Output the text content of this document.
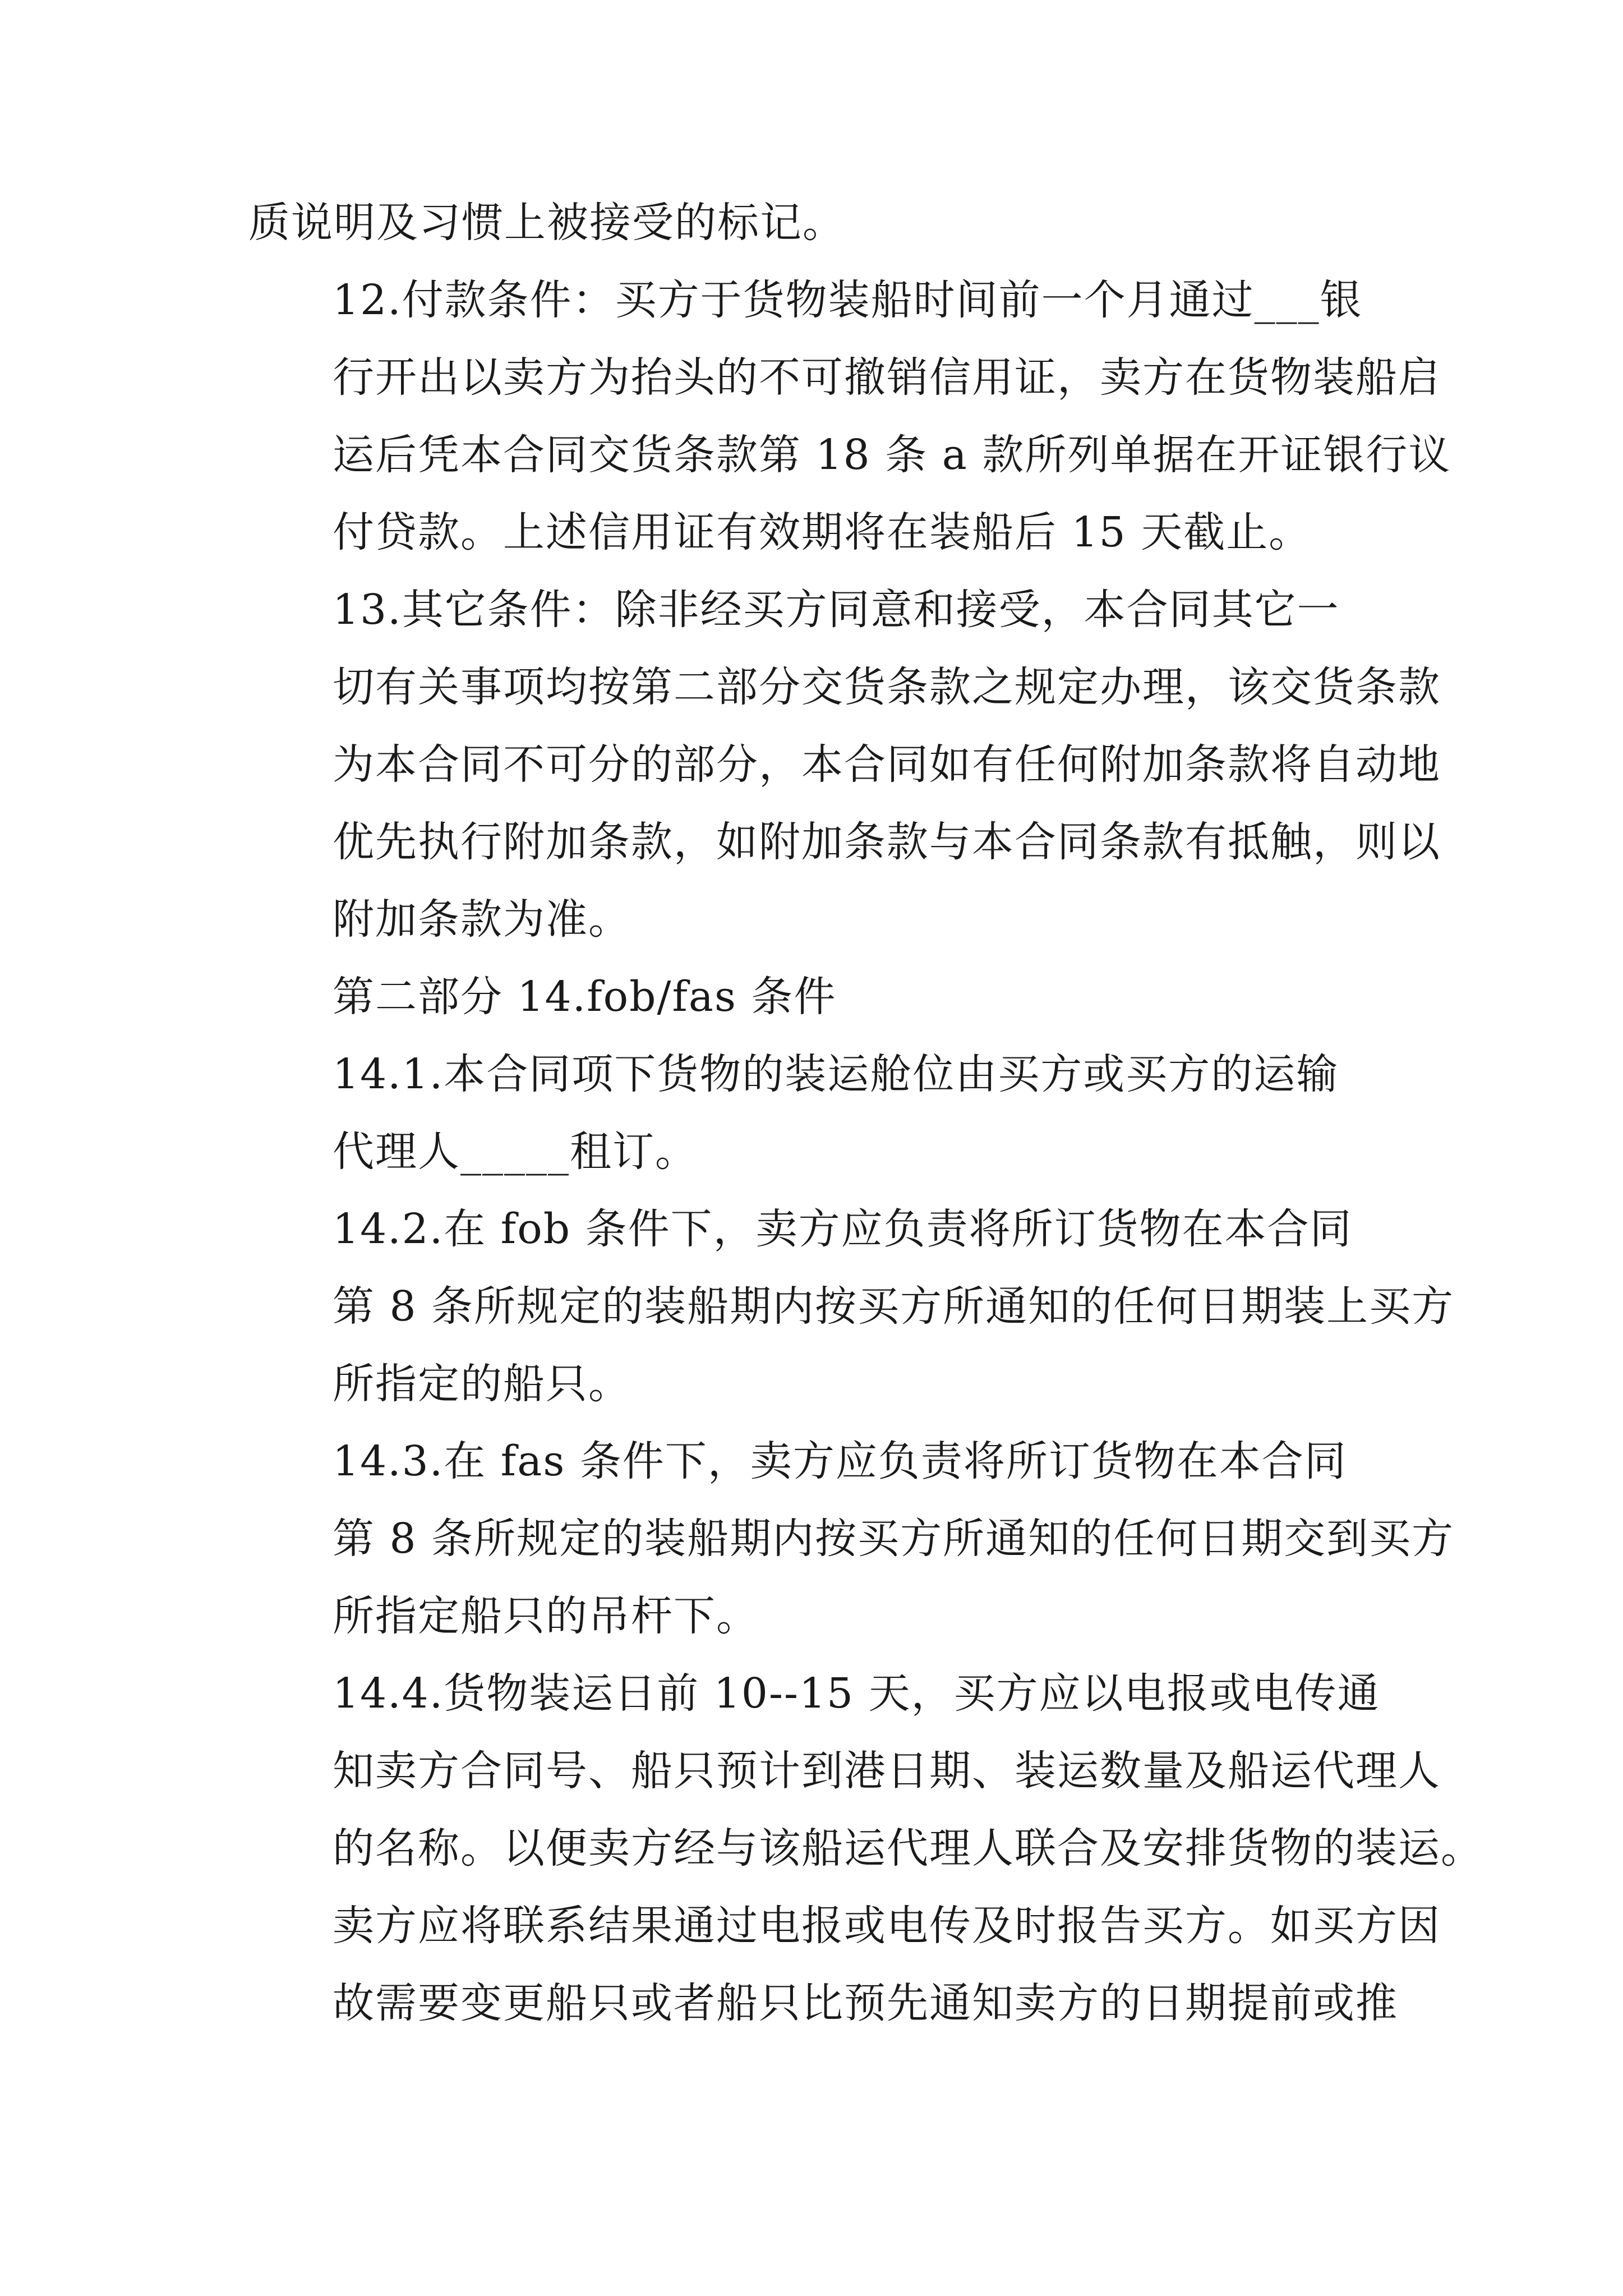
质说明及习惯上被接受的标记。
12.付款条件：买方于货物装船时间前一个月通过___银
行开出以卖方为抬头的不可撤销信用证，卖方在货物装船启
运后凭本合同交货条款第 18 条 a 款所列单据在开证银行议
付贷款。上述信用证有效期将在装船后 15 天截止。
13.其它条件：除非经买方同意和接受，本合同其它一
切有关事项均按第二部分交货条款之规定办理，该交货条款
为本合同不可分的部分，本合同如有任何附加条款将自动地
优先执行附加条款，如附加条款与本合同条款有抵触，则以
附加条款为准。
第二部分 14.fob/fas 条件
14.1.本合同项下货物的装运舱位由买方或买方的运输
代理人_____租订。
14.2.在 fob 条件下，卖方应负责将所订货物在本合同
第 8 条所规定的装船期内按买方所通知的任何日期装上买方
所指定的船只。
14.3.在 fas 条件下，卖方应负责将所订货物在本合同
第 8 条所规定的装船期内按买方所通知的任何日期交到买方
所指定船只的吊杆下。
14.4.货物装运日前 10--15 天，买方应以电报或电传通
知卖方合同号、船只预计到港日期、装运数量及船运代理人
的名称。以便卖方经与该船运代理人联合及安排货物的装运。
卖方应将联系结果通过电报或电传及时报告买方。如买方因
故需要变更船只或者船只比预先通知卖方的日期提前或推
